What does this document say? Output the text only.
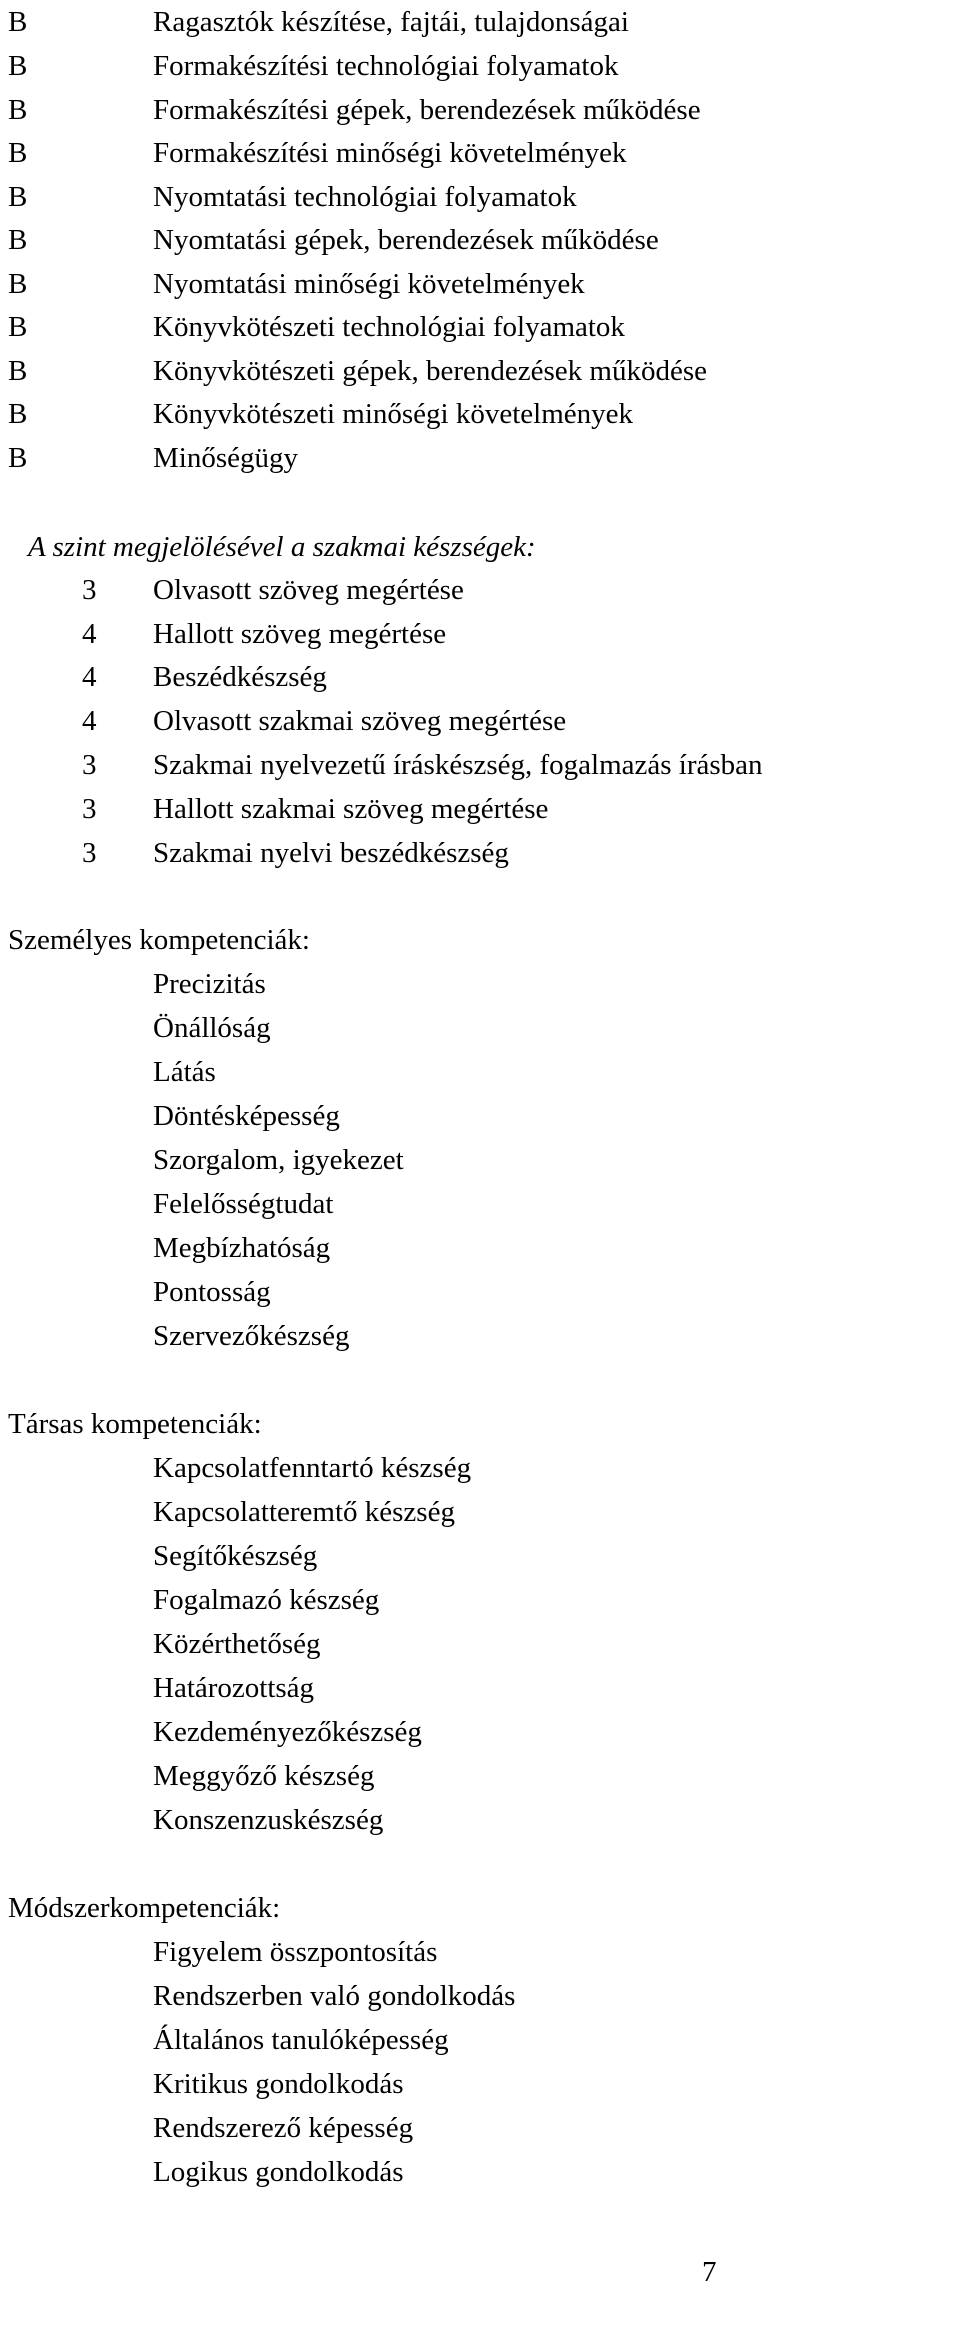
B	Ragasztók készítése, fajtái, tulajdonságai
B	Formakészítési technológiai folyamatok
B	Formakészítési gépek, berendezések működése
B	Formakészítési minőségi követelmények
B	Nyomtatási technológiai folyamatok
B	Nyomtatási gépek, berendezések működése
B	Nyomtatási minőségi követelmények
B	Könyvkötészeti technológiai folyamatok
B	Könyvkötészeti gépek, berendezések működése
B	Könyvkötészeti minőségi követelmények
B	Minőségügy
A szint megjelölésével a szakmai készségek:
3	Olvasott szöveg megértése
4	Hallott szöveg megértése
4	Beszédkészség
4	Olvasott szakmai szöveg megértése
3	Szakmai nyelvezetű íráskészség, fogalmazás írásban
3	Hallott szakmai szöveg megértése
3	Szakmai nyelvi beszédkészség
Személyes kompetenciák:
Precizitás
Önállóság
Látás
Döntésképesség
Szorgalom, igyekezet
Felelősségtudat
Megbízhatóság
Pontosság
Szervezőkészség
Társas kompetenciák:
Kapcsolatfenntartó készség
Kapcsolatteremtő készség
Segítőkészség
Fogalmazó készség
Közérthetőség
Határozottság
Kezdeményezőkészség
Meggyőző készség
Konszenzuskészség
Módszerkompetenciák:
Figyelem összpontosítás
Rendszerben való gondolkodás
Általános tanulóképesség
Kritikus gondolkodás
Rendszerező képesség
Logikus gondolkodás
7
